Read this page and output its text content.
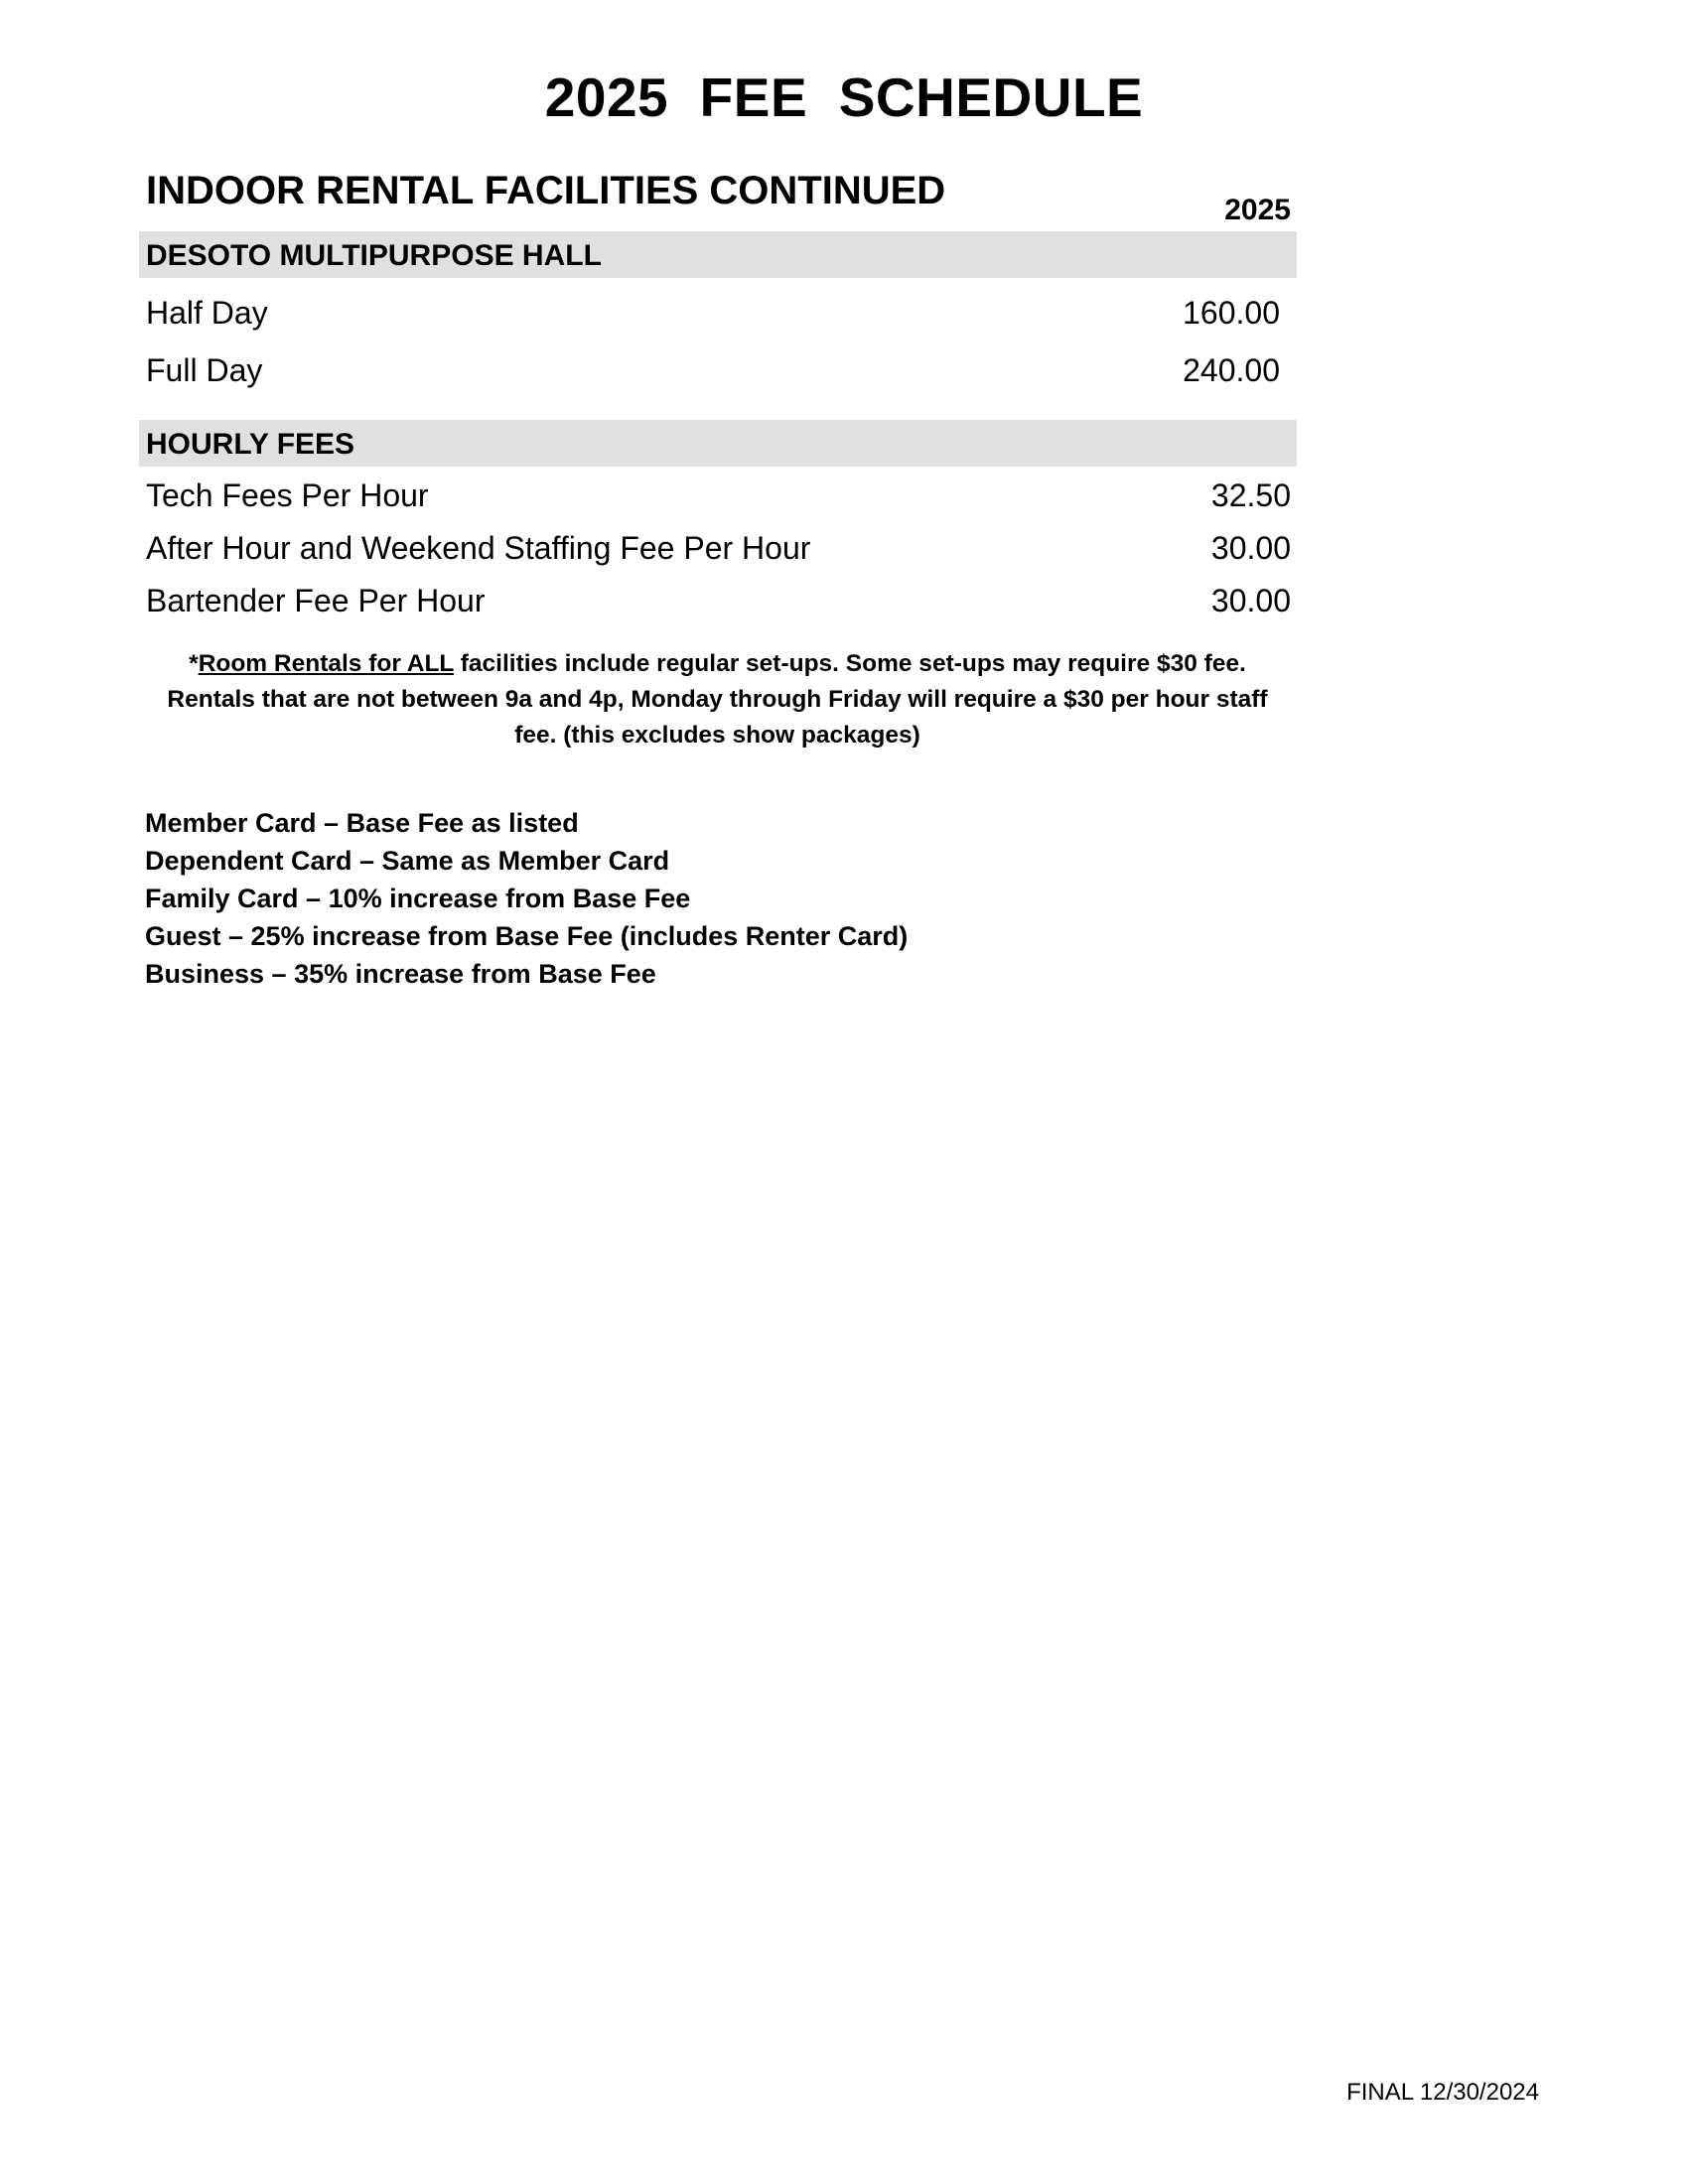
2025  FEE  SCHEDULE
INDOOR RENTAL FACILITIES CONTINUED	2025
DESOTO MULTIPURPOSE HALL
Half Day	160.00
Full Day	240.00
HOURLY FEES
Tech Fees Per Hour	32.50
After Hour and Weekend Staffing Fee Per Hour	30.00
Bartender Fee Per Hour	30.00
*Room Rentals for ALL facilities include regular set-ups. Some set-ups may require $30 fee. Rentals that are not between 9a and 4p, Monday through Friday will require a $30 per hour staff fee. (this excludes show packages)
Member Card – Base Fee as listed
Dependent Card – Same as Member Card
Family Card – 10% increase from Base Fee
Guest – 25% increase from Base Fee (includes Renter Card)
Business – 35% increase from Base Fee
FINAL 12/30/2024
